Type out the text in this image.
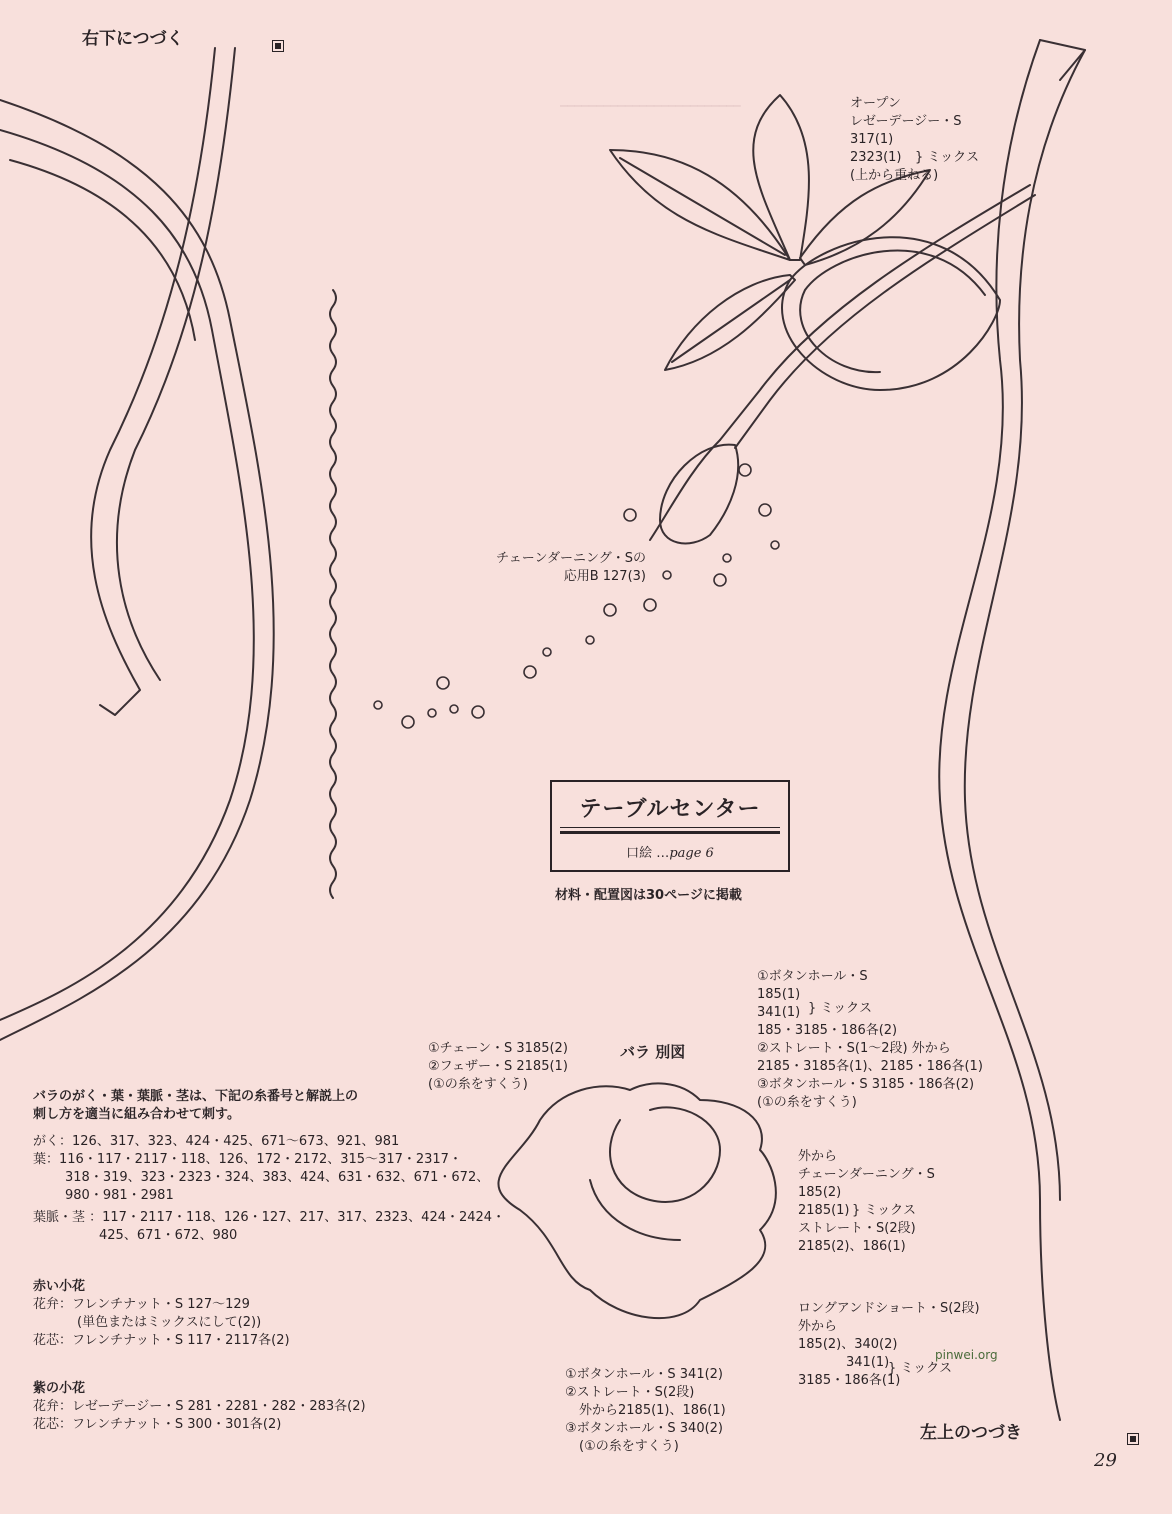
右下につづく

左上のつづき
─────────────────────────	オープン

レゼーデージー・S

317(1)

2323(1)

(上から重ねる)

} ミックス

チェーンダーニング・Sの

応用B 127(3)

テーブルセンター
口絵 …page 6
材料・配置図は30ページに掲載
バラ 別図

①チェーン・S 3185(2)

②フェザー・S 2185(1)

(①の糸をすくう)

①ボタンホール・S

185(1)

341(1)

185・3185・186各(2)

②ストレート・S(1〜2段) 外から

2185・3185各(1)、2185・186各(1)

③ボタンホール・S 3185・186各(2)

(①の糸をすくう)

} ミックス

外から

チェーンダーニング・S

185(2)

2185(1)

ストレート・S(2段)

2185(2)、186(1)

} ミックス

ロングアンドショート・S(2段)

外から

185(2)、340(2)

341(1)

3185・186各(1)

} ミックス

①ボタンホール・S 341(2)

②ストレート・S(2段)

外から2185(1)、186(1)

③ボタンホール・S 340(2)

(①の糸をすくう)

バラのがく・葉・葉脈・茎は、下記の糸番号と解説上の

刺し方を適当に組み合わせて刺す。

がく：126、317、323、424・425、671〜673、921、981

葉：116・117・2117・118、126、172・2172、315〜317・2317・

318・319、323・2323・324、383、424、631・632、671・672、

980・981・2981

葉脈・茎 ：117・2117・118、126・127、217、317、2323、424・2424・

425、671・672、980

赤い小花

花弁：フレンチナット・S 127〜129

(単色またはミックスにして(2))

花芯：フレンチナット・S 117・2117各(2)

紫の小花

花弁：レゼーデージー・S 281・2281・282・283各(2)

花芯：フレンチナット・S 300・301各(2)

pinwei.org
29
